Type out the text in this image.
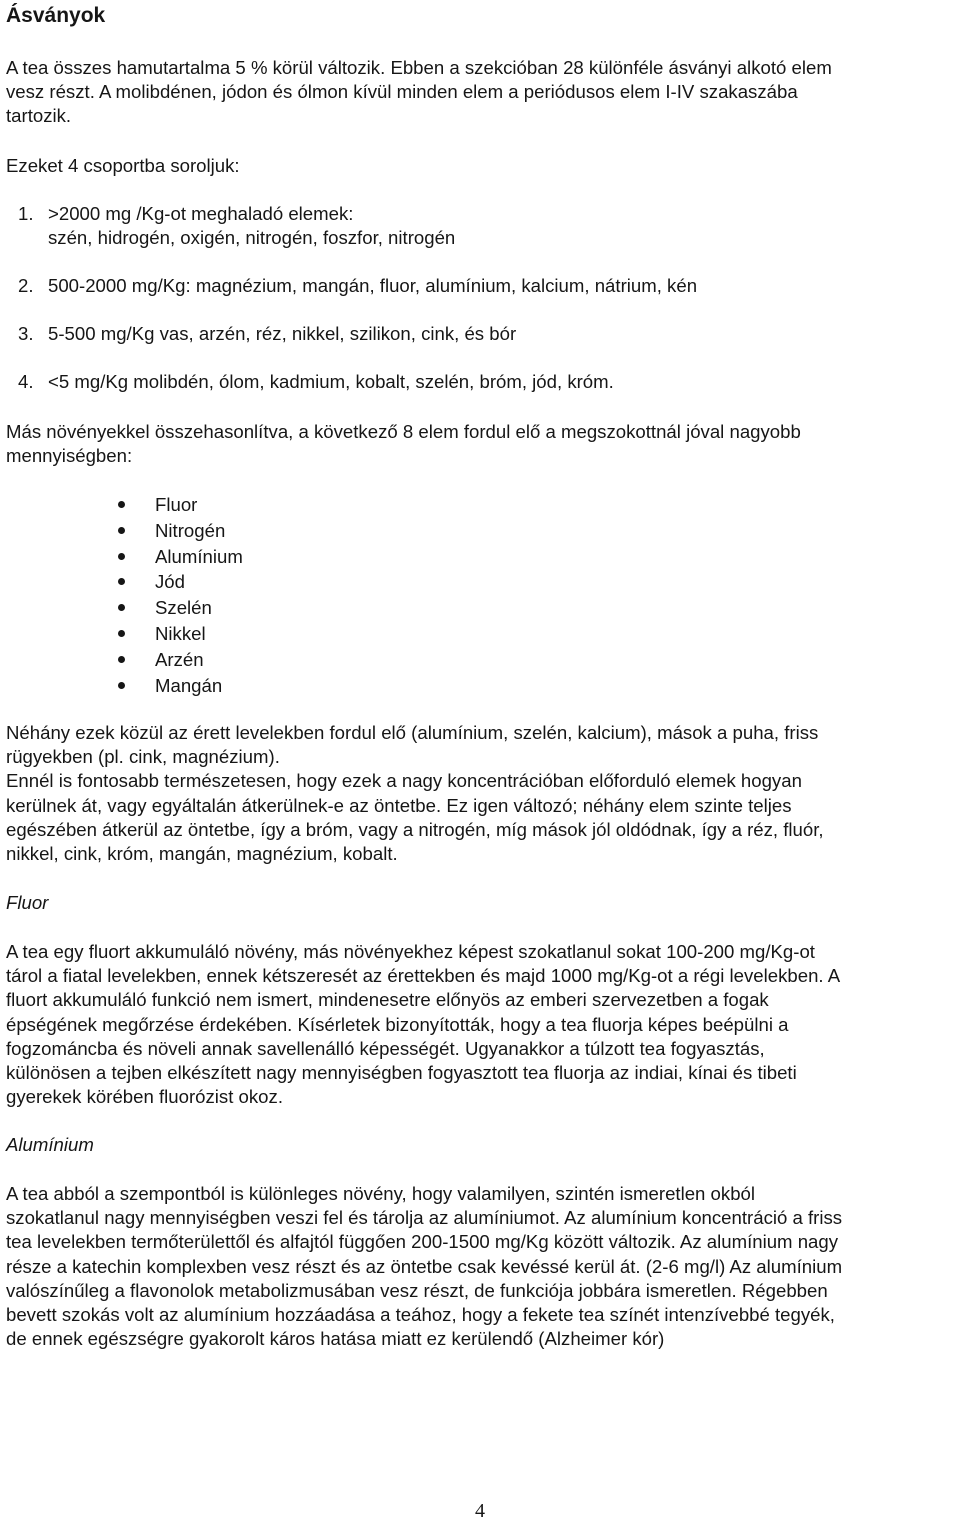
Ásványok
A tea összes hamutartalma 5 % körül változik. Ebben a szekcióban 28 különféle ásványi alkotó elem
vesz részt. A molibdénen, jódon és ólmon kívül minden elem a periódusos elem I-IV szakaszába
tartozik.
Ezeket 4 csoportba soroljuk:
1. >2000 mg /Kg-ot meghaladó elemek:
szén, hidrogén, oxigén, nitrogén, foszfor, nitrogén
2. 500-2000 mg/Kg: magnézium, mangán, fluor, alumínium, kalcium, nátrium, kén
3. 5-500 mg/Kg vas, arzén, réz, nikkel, szilikon, cink, és bór
4. <5 mg/Kg molibdén, ólom, kadmium, kobalt, szelén, bróm, jód, króm.
Más növényekkel összehasonlítva, a következő 8 elem fordul elő a megszokottnál jóval nagyobb
mennyiségben:
Fluor
Nitrogén
Alumínium
Jód
Szelén
Nikkel
Arzén
Mangán
Néhány ezek közül az érett levelekben fordul elő (alumínium, szelén, kalcium), mások a puha, friss
rügyekben (pl. cink, magnézium).
Ennél is fontosabb természetesen, hogy ezek a nagy koncentrációban előforduló elemek hogyan
kerülnek át, vagy egyáltalán átkerülnek-e az öntetbe. Ez igen változó; néhány elem szinte teljes
egészében átkerül az öntetbe, így a bróm, vagy a nitrogén, míg mások jól oldódnak, így a réz, fluór,
nikkel, cink, króm, mangán, magnézium, kobalt.
Fluor
A tea egy fluort akkumuláló növény, más növényekhez képest szokatlanul sokat 100-200 mg/Kg-ot
tárol a fiatal levelekben, ennek kétszeresét az érettekben és majd 1000 mg/Kg-ot a régi levelekben. A
fluort akkumuláló funkció nem ismert, mindenesetre előnyös az emberi szervezetben a fogak
épségének megőrzése érdekében. Kísérletek bizonyították, hogy a tea fluorja képes beépülni a
fogzománcba és növeli annak savellenálló képességét. Ugyanakkor a túlzott tea fogyasztás,
különösen a tejben elkészített nagy mennyiségben fogyasztott tea fluorja az indiai, kínai és tibeti
gyerekek körében fluorózist okoz.
Alumínium
A tea abból a szempontból is különleges növény, hogy valamilyen, szintén ismeretlen okból
szokatlanul nagy mennyiségben veszi fel és tárolja az alumíniumot. Az alumínium koncentráció a friss
tea levelekben termőterülettől és alfajtól függően 200-1500 mg/Kg között változik. Az alumínium nagy
része a katechin komplexben vesz részt és az öntetbe csak kevéssé kerül át. (2-6 mg/l) Az alumínium
valószínűleg a flavonolok metabolizmusában vesz részt, de funkciója jobbára ismeretlen. Régebben
bevett szokás volt az alumínium hozzáadása a teához, hogy a fekete tea színét intenzívebbé tegyék,
de ennek egészségre gyakorolt káros hatása miatt ez kerülendő (Alzheimer kór)
4
